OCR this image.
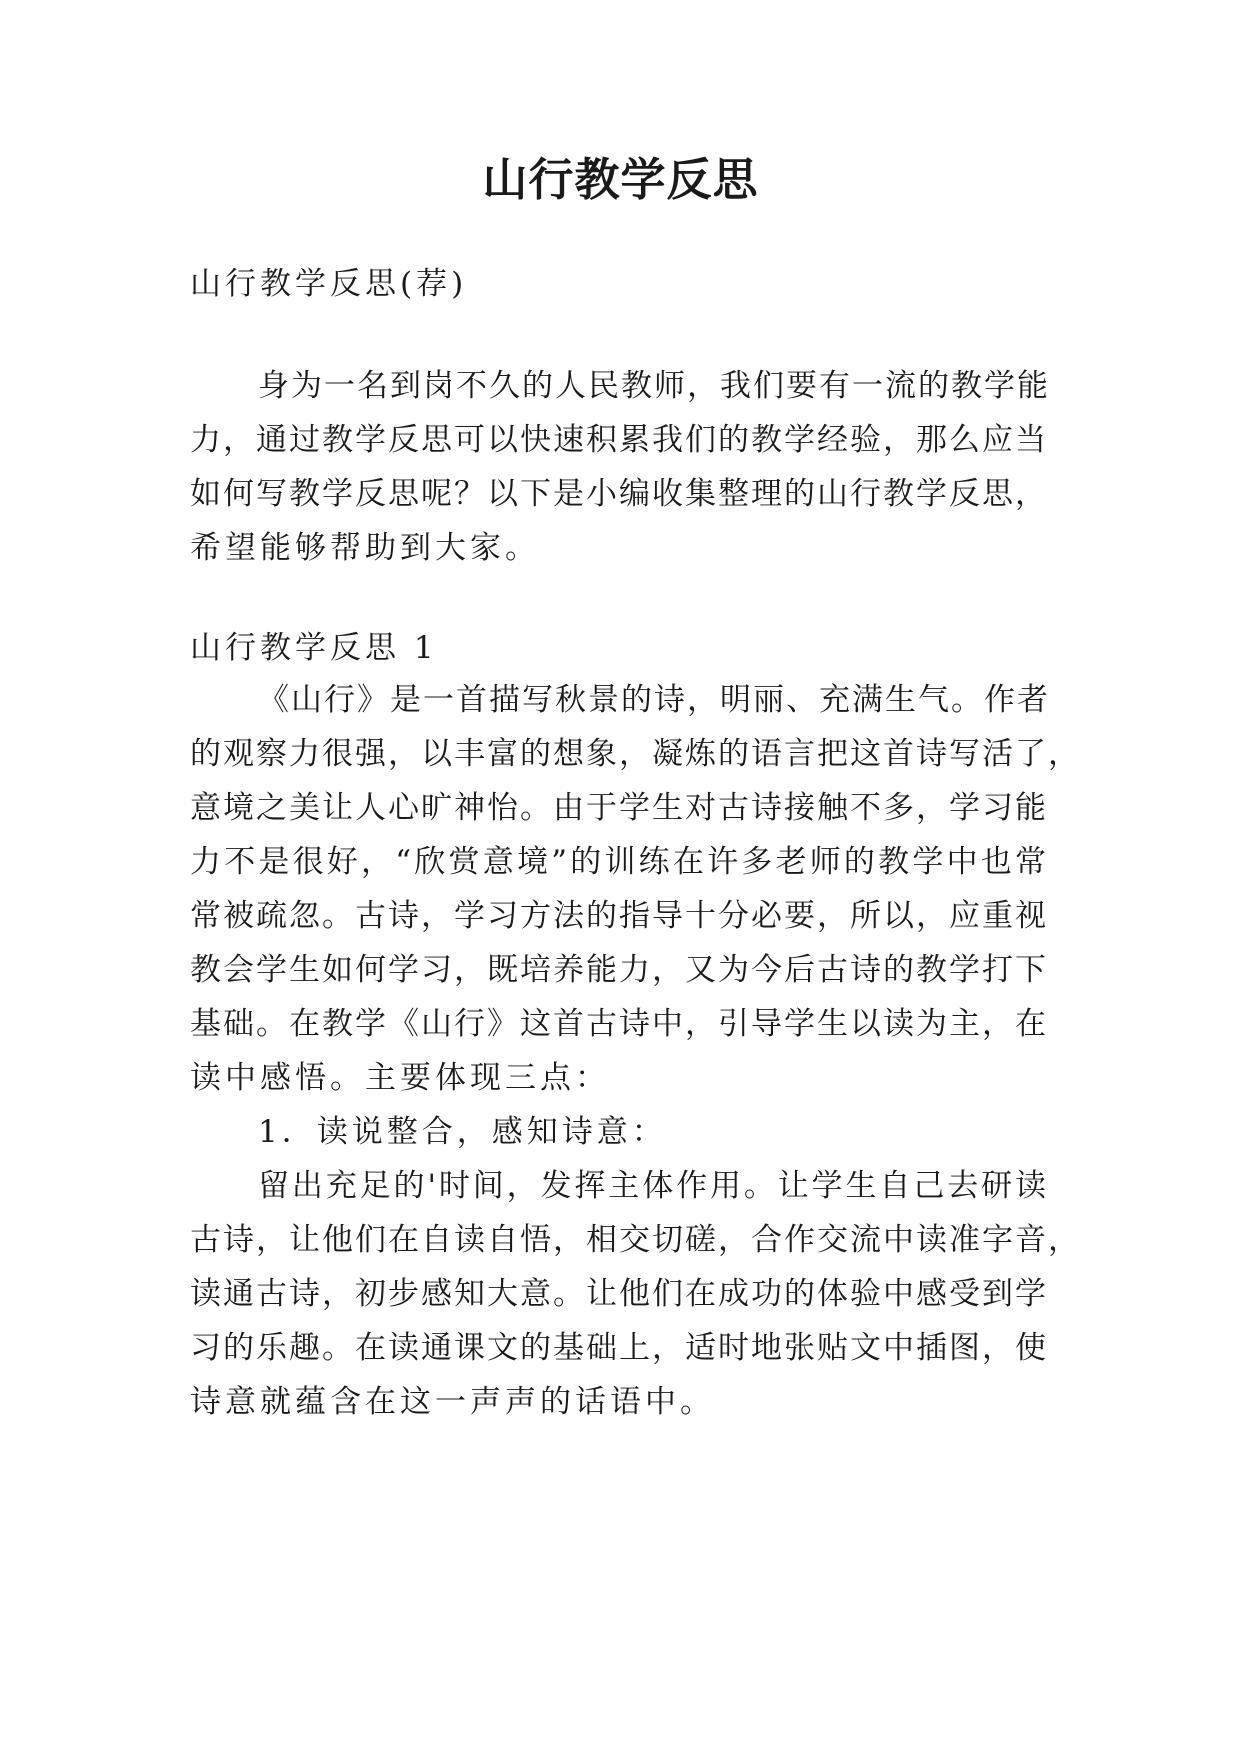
山行教学反思

山行教学反思(荐)

身为一名到岗不久的人民教师，我们要有一流的教学能

力，通过教学反思可以快速积累我们的教学经验，那么应当

如何写教学反思呢？以下是小编收集整理的山行教学反思，

希望能够帮助到大家。

山行教学反思 1

《山行》是一首描写秋景的诗，明丽、充满生气。作者

的观察力很强，以丰富的想象，凝炼的语言把这首诗写活了，

意境之美让人心旷神怡。由于学生对古诗接触不多，学习能

力不是很好，“欣赏意境”的训练在许多老师的教学中也常

常被疏忽。古诗，学习方法的指导十分必要，所以，应重视

教会学生如何学习，既培养能力，又为今后古诗的教学打下

基础。在教学《山行》这首古诗中，引导学生以读为主，在

读中感悟。主要体现三点：

1．读说整合，感知诗意：

留出充足的'时间，发挥主体作用。让学生自己去研读

古诗，让他们在自读自悟，相交切磋，合作交流中读准字音，

读通古诗，初步感知大意。让他们在成功的体验中感受到学

习的乐趣。在读通课文的基础上，适时地张贴文中插图，使

诗意就蕴含在这一声声的话语中。
